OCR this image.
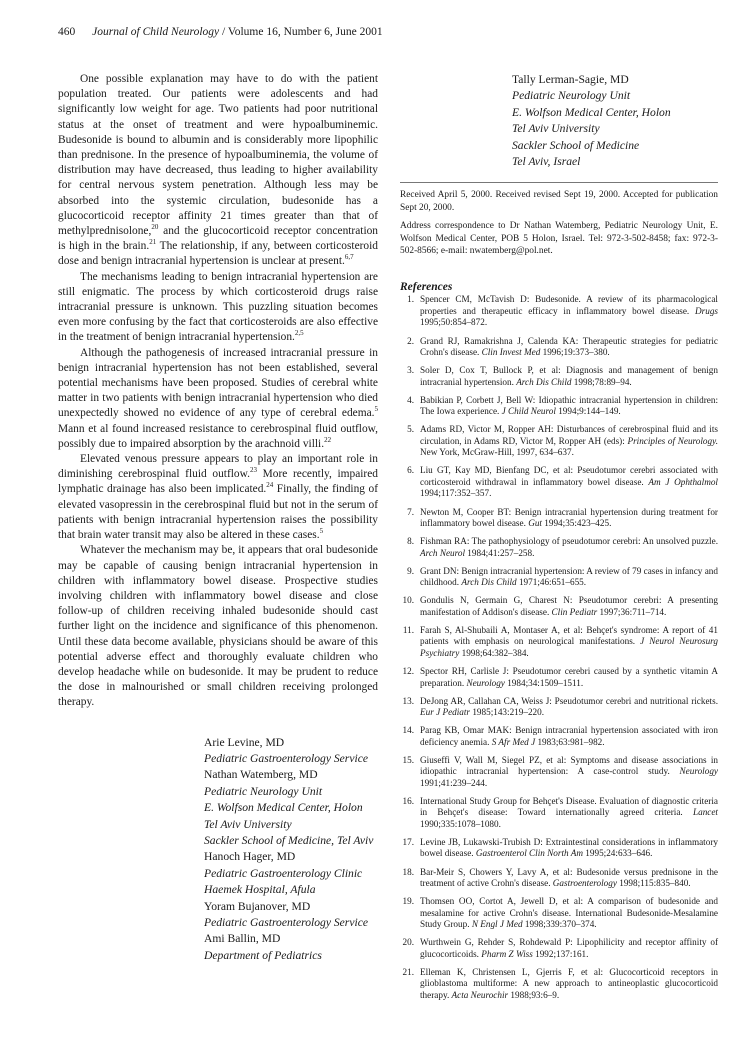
460 Journal of Child Neurology / Volume 16, Number 6, June 2001

One possible explanation may have to do with the patient population treated. Our patients were adolescents and had significantly low weight for age. Two patients had poor nutritional status at the onset of treatment and were hypoalbuminemic. Budesonide is bound to albumin and is considerably more lipophilic than prednisone. In the presence of hypoalbuminemia, the volume of distribution may have decreased, thus leading to higher availability for central nervous system penetration. Although less may be absorbed into the systemic circulation, budesonide has a glucocorticoid receptor affinity 21 times greater than that of methylprednisolone,$^{20}$ and the glucocorticoid receptor concentration is high in the brain.$^{21}$ The relationship, if any, between corticosteroid dose and benign intracranial hypertension is unclear at present.$^{6,7}$

The mechanisms leading to benign intracranial hypertension are still enigmatic. The process by which corticosteroid drugs raise intracranial pressure is unknown. This puzzling situation becomes even more confusing by the fact that corticosteroids are also effective in the treatment of benign intracranial hypertension.$^{2,5}$

Although the pathogenesis of increased intracranial pressure in benign intracranial hypertension has not been established, several potential mechanisms have been proposed. Studies of cerebral white matter in two patients with benign intracranial hypertension who died unexpectedly showed no evidence of any type of cerebral edema.$^5$ Mann et al found increased resistance to cerebrospinal fluid outflow, possibly due to impaired absorption by the arachnoid villi.$^{22}$

Elevated venous pressure appears to play an important role in diminishing cerebrospinal fluid outflow.$^{23}$ More recently, impaired lymphatic drainage has also been implicated.$^{24}$ Finally, the finding of elevated vasopressin in the cerebrospinal fluid but not in the serum of patients with benign intracranial hypertension raises the possibility that brain water transit may also be altered in these cases.$^5$

Whatever the mechanism may be, it appears that oral budesonide may be capable of causing benign intracranial hypertension in children with inflammatory bowel disease. Prospective studies involving children with inflammatory bowel disease and close follow-up of children receiving inhaled budesonide should cast further light on the incidence and significance of this phenomenon. Until these data become available, physicians should be aware of this potential adverse effect and thoroughly evaluate children who develop headache while on budesonide. It may be prudent to reduce the dose in malnourished or small children receiving prolonged therapy.

Arie Levine, MD
Pediatric Gastroenterology Service
Nathan Watemberg, MD
Pediatric Neurology Unit
E. Wolfson Medical Center, Holon
Tel Aviv University
Sackler School of Medicine, Tel Aviv
Hanoch Hager, MD
Pediatric Gastroenterology Clinic
Haemek Hospital, Afula
Yoram Bujanover, MD
Pediatric Gastroenterology Service
Ami Ballin, MD
Department of Pediatrics
Tally Lerman-Sagie, MD
Pediatric Neurology Unit
E. Wolfson Medical Center, Holon
Tel Aviv University
Sackler School of Medicine
Tel Aviv, Israel

Received April 5, 2000. Received revised Sept 19, 2000. Accepted for publication Sept 20, 2000.

Address correspondence to Dr Nathan Watemberg, Pediatric Neurology Unit, E. Wolfson Medical Center, POB 5 Holon, Israel. Tel: 972-3-502-8458; fax: 972-3-502-8566; e-mail: nwatemberg@pol.net.

References
1. Spencer CM, McTavish D: Budesonide. A review of its pharmacological properties and therapeutic efficacy in inflammatory bowel disease. Drugs 1995;50:854–872.
2. Grand RJ, Ramakrishna J, Calenda KA: Therapeutic strategies for pediatric Crohn's disease. Clin Invest Med 1996;19:373–380.
3. Soler D, Cox T, Bullock P, et al: Diagnosis and management of benign intracranial hypertension. Arch Dis Child 1998;78:89–94.
4. Babikian P, Corbett J, Bell W: Idiopathic intracranial hypertension in children: The Iowa experience. J Child Neurol 1994;9:144–149.
5. Adams RD, Victor M, Ropper AH: Disturbances of cerebrospinal fluid and its circulation, in Adams RD, Victor M, Ropper AH (eds): Principles of Neurology. New York, McGraw-Hill, 1997, 634–637.
6. Liu GT, Kay MD, Bienfang DC, et al: Pseudotumor cerebri associated with corticosteroid withdrawal in inflammatory bowel disease. Am J Ophthalmol 1994;117:352–357.
7. Newton M, Cooper BT: Benign intracranial hypertension during treatment for inflammatory bowel disease. Gut 1994;35:423–425.
8. Fishman RA: The pathophysiology of pseudotumor cerebri: An unsolved puzzle. Arch Neurol 1984;41:257–258.
9. Grant DN: Benign intracranial hypertension: A review of 79 cases in infancy and childhood. Arch Dis Child 1971;46:651–655.
10. Gondulis N, Germain G, Charest N: Pseudotumor cerebri: A presenting manifestation of Addison's disease. Clin Pediatr 1997;36:711–714.
11. Farah S, Al-Shubaili A, Montaser A, et al: Behçet's syndrome: A report of 41 patients with emphasis on neurological manifestations. J Neurol Neurosurg Psychiatry 1998;64:382–384.
12. Spector RH, Carlisle J: Pseudotumor cerebri caused by a synthetic vitamin A preparation. Neurology 1984;34:1509–1511.
13. DeJong AR, Callahan CA, Weiss J: Pseudotumor cerebri and nutritional rickets. Eur J Pediatr 1985;143:219–220.
14. Parag KB, Omar MAK: Benign intracranial hypertension associated with iron deficiency anemia. S Afr Med J 1983;63:981–982.
15. Giuseffi V, Wall M, Siegel PZ, et al: Symptoms and disease associations in idiopathic intracranial hypertension: A case-control study. Neurology 1991;41:239–244.
16. International Study Group for Behçet's Disease. Evaluation of diagnostic criteria in Behçet's disease: Toward internationally agreed criteria. Lancet 1990;335:1078–1080.
17. Levine JB, Lukawski-Trubish D: Extraintestinal considerations in inflammatory bowel disease. Gastroenterol Clin North Am 1995;24:633–646.
18. Bar-Meir S, Chowers Y, Lavy A, et al: Budesonide versus prednisone in the treatment of active Crohn's disease. Gastroenterology 1998;115:835–840.
19. Thomsen OO, Cortot A, Jewell D, et al: A comparison of budesonide and mesalamine for active Crohn's disease. International Budesonide-Mesalamine Study Group. N Engl J Med 1998;339:370–374.
20. Wurthwein G, Rehder S, Rohdewald P: Lipophilicity and receptor affinity of glucocorticoids. Pharm Z Wiss 1992;137:161.
21. Elleman K, Christensen L, Gjerris F, et al: Glucocorticoid receptors in glioblastoma multiforme: A new approach to antineoplastic glucocorticoid therapy. Acta Neurochir 1988;93:6–9.
